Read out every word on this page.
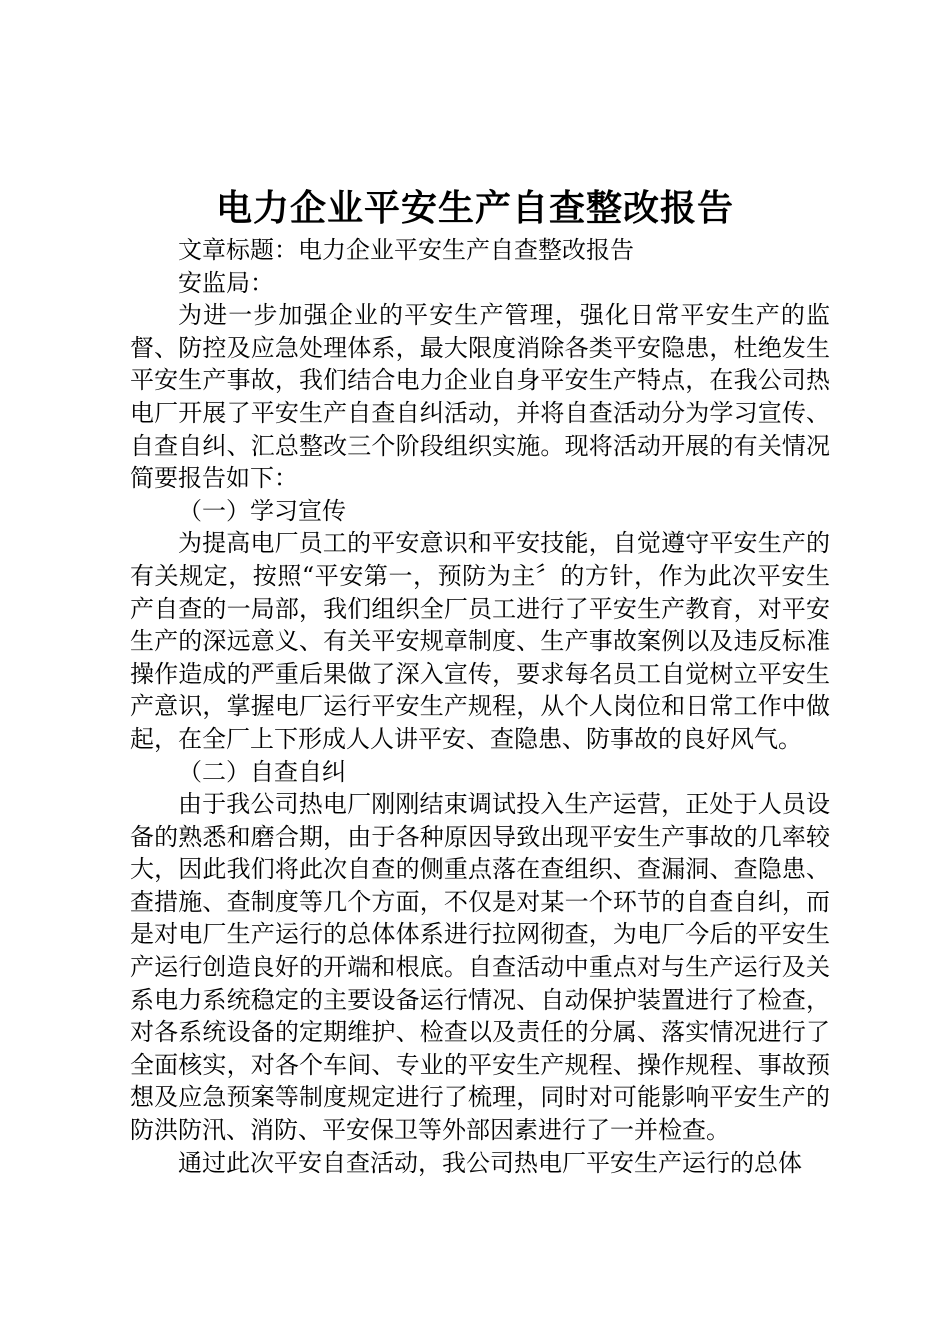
电力企业平安生产自查整改报告

文章标题：电力企业平安生产自查整改报告

安监局：

为进一步加强企业的平安生产管理，强化日常平安生产的监督、防控及应急处理体系，最大限度消除各类平安隐患，杜绝发生平安生产事故，我们结合电力企业自身平安生产特点，在我公司热电厂开展了平安生产自查自纠活动，并将自查活动分为学习宣传、自查自纠、汇总整改三个阶段组织实施。现将活动开展的有关情况简要报告如下：

（一）学习宣传

为提高电厂员工的平安意识和平安技能，自觉遵守平安生产的有关规定，按照“平安第一，预防为主〞的方针，作为此次平安生产自查的一局部，我们组织全厂员工进行了平安生产教育，对平安生产的深远意义、有关平安规章制度、生产事故案例以及违反标准操作造成的严重后果做了深入宣传，要求每名员工自觉树立平安生产意识，掌握电厂运行平安生产规程，从个人岗位和日常工作中做起，在全厂上下形成人人讲平安、查隐患、防事故的良好风气。

（二）自查自纠

由于我公司热电厂刚刚结束调试投入生产运营，正处于人员设备的熟悉和磨合期，由于各种原因导致出现平安生产事故的几率较大，因此我们将此次自查的侧重点落在查组织、查漏洞、查隐患、查措施、查制度等几个方面，不仅是对某一个环节的自查自纠，而是对电厂生产运行的总体体系进行拉网彻查，为电厂今后的平安生产运行创造良好的开端和根底。自查活动中重点对与生产运行及关系电力系统稳定的主要设备运行情况、自动保护装置进行了检查，对各系统设备的定期维护、检查以及责任的分属、落实情况进行了全面核实，对各个车间、专业的平安生产规程、操作规程、事故预想及应急预案等制度规定进行了梳理，同时对可能影响平安生产的防洪防汛、消防、平安保卫等外部因素进行了一并检查。

通过此次平安自查活动，我公司热电厂平安生产运行的总体
